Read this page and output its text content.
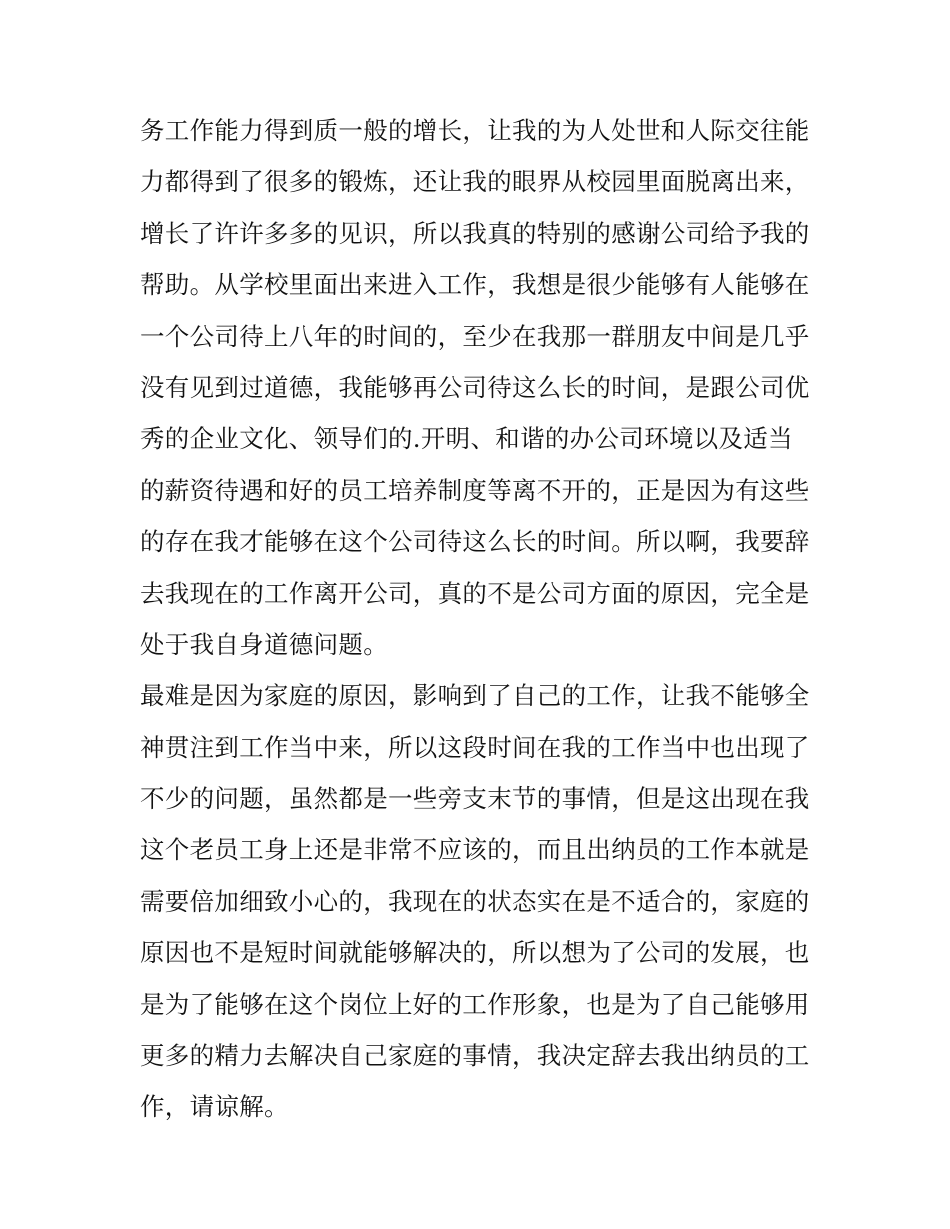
务工作能力得到质一般的增长，让我的为人处世和人际交往能
力都得到了很多的锻炼，还让我的眼界从校园里面脱离出来，
增长了许许多多的见识，所以我真的特别的感谢公司给予我的
帮助。从学校里面出来进入工作，我想是很少能够有人能够在
一个公司待上八年的时间的，至少在我那一群朋友中间是几乎
没有见到过道德，我能够再公司待这么长的时间，是跟公司优
秀的企业文化、领导们的.开明、和谐的办公司环境以及适当
的薪资待遇和好的员工培养制度等离不开的，正是因为有这些
的存在我才能够在这个公司待这么长的时间。所以啊，我要辞
去我现在的工作离开公司，真的不是公司方面的原因，完全是
处于我自身道德问题。
最难是因为家庭的原因，影响到了自己的工作，让我不能够全
神贯注到工作当中来，所以这段时间在我的工作当中也出现了
不少的问题，虽然都是一些旁支末节的事情，但是这出现在我
这个老员工身上还是非常不应该的，而且出纳员的工作本就是
需要倍加细致小心的，我现在的状态实在是不适合的，家庭的
原因也不是短时间就能够解决的，所以想为了公司的发展，也
是为了能够在这个岗位上好的工作形象，也是为了自己能够用
更多的精力去解决自己家庭的事情，我决定辞去我出纳员的工
作，请谅解。
